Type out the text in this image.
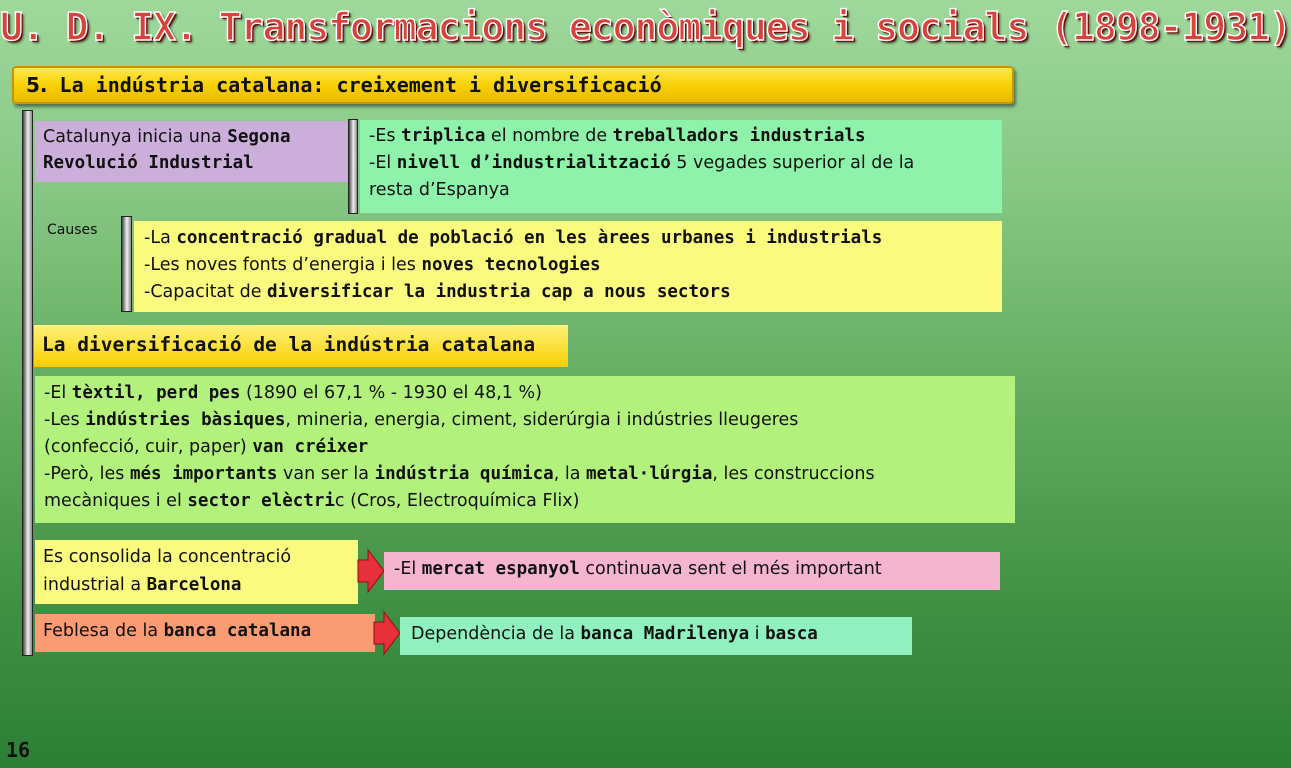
U. D. IX. Transformacions econòmiques i socials (1898-1931)
5. La indústria catalana: creixement i diversificació
Catalunya inicia una Segona
Revolució Industrial
-Es triplica el nombre de treballadors industrials
-El nivell d’industrialització 5 vegades superior al de la
resta d’Espanya
Causes	-La concentració gradual de població en les àrees urbanes i industrials
-Les noves fonts d’energia i les noves tecnologies
-Capacitat de diversificar la industria cap a nous sectors
La diversificació de la indústria catalana
-El tèxtil, perd pes (1890 el 67,1 % - 1930 el 48,1 %)
-Les indústries bàsiques, mineria, energia, ciment, siderúrgia i indústries lleugeres
(confecció, cuir, paper) van créixer
-Però, les més importants van ser la indústria química, la metal·lúrgia, les construccions
mecàniques i el sector elèctric (Cros, Electroquímica Flix)
Es consolida la concentració
industrial a Barcelona
-El mercat espanyol continuava sent el més important
Feblesa de la banca catalana	Dependència de la banca Madrilenya i basca
16
